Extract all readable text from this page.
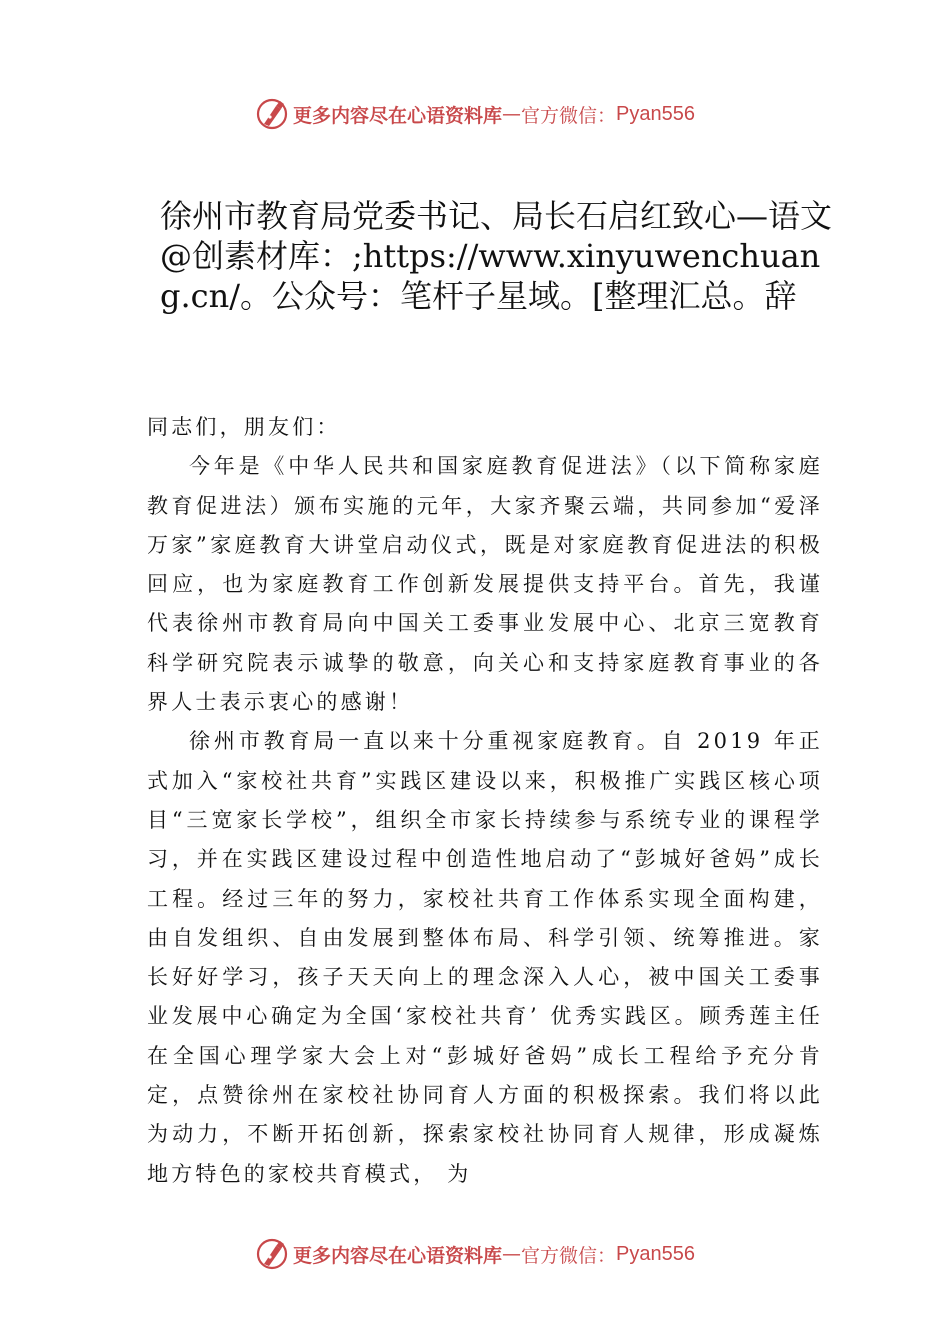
更多内容尽在心语资料库 — 官方微信： Pyan556
徐州市教育局党委书记、局长石启红致心—语文@创素材库：;https://www.xinyuwenchuang.cn/。公众号：笔杆子星域。[整理汇总。辞

同志们，朋友们：

今年是《中华人民共和国家庭教育促进法》（以下简称家庭教育促进法）颁布实施的元年，大家齐聚云端，共同参加“爱泽万家”家庭教育大讲堂启动仪式，既是对家庭教育促进法的积极回应，也为家庭教育工作创新发展提供支持平台。首先，我谨代表徐州市教育局向中国关工委事业发展中心、北京三宽教育科学研究院表示诚挚的敬意，向关心和支持家庭教育事业的各界人士表示衷心的感谢！

徐州市教育局一直以来十分重视家庭教育。自 2019 年正式加入“家校社共育”实践区建设以来，积极推广实践区核心项目“三宽家长学校”，组织全市家长持续参与系统专业的课程学习，并在实践区建设过程中创造性地启动了“彭城好爸妈”成长工程。经过三年的努力，家校社共育工作体系实现全面构建，由自发组织、自由发展到整体布局、科学引领、统筹推进。家长好好学习，孩子天天向上的理念深入人心，被中国关工委事业发展中心确定为全国‘家校社共育’ 优秀实践区。顾秀莲主任在全国心理学家大会上对“彭城好爸妈”成长工程给予充分肯定，点赞徐州在家校社协同育人方面的积极探索。我们将以此为动力，不断开拓创新，探索家校社协同育人规律，形成凝炼地方特色的家校共育模式， 为

更多内容尽在心语资料库 — 官方微信： Pyan556
